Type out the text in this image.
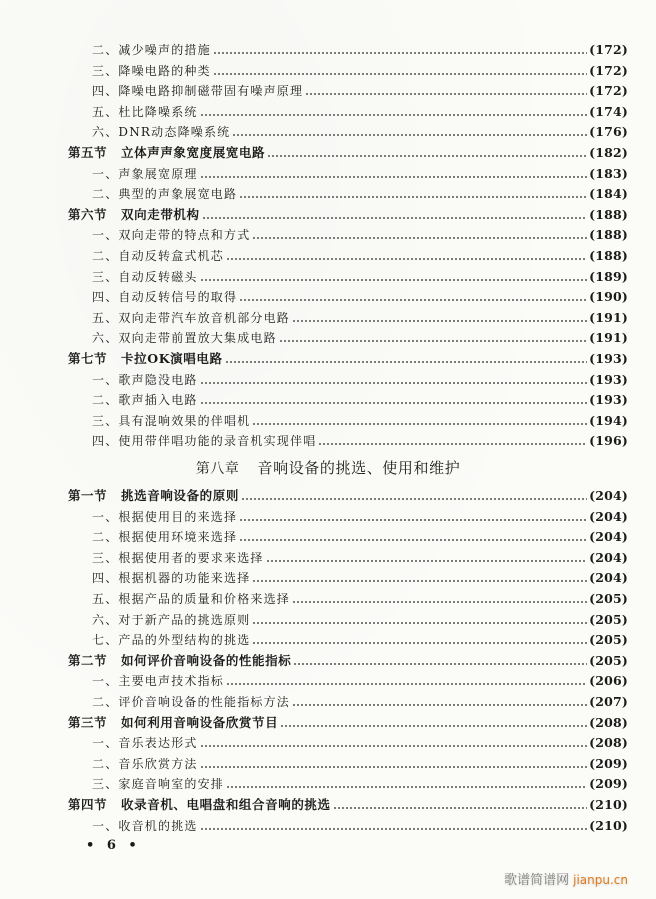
二、减少噪声的措施	(172)
三、降噪电路的种类	(172)
四、降噪电路抑制磁带固有噪声原理	(172)
五、杜比降噪系统	(174)
六、DNR动态降噪系统	(176)
第五节 立体声声象宽度展宽电路	(182)
一、声象展宽原理	(183)
二、典型的声象展宽电路	(184)
第六节 双向走带机构	(188)
一、双向走带的特点和方式	(188)
二、自动反转盒式机芯	(188)
三、自动反转磁头	(189)
四、自动反转信号的取得	(190)
五、双向走带汽车放音机部分电路	(191)
六、双向走带前置放大集成电路	(191)
第七节 卡拉OK演唱电路	(193)
一、歌声隐没电路	(193)
二、歌声插入电路	(193)
三、具有混响效果的伴唱机	(194)
四、使用带伴唱功能的录音机实现伴唱	(196)
第一节 挑选音响设备的原则	(204)
一、根据使用目的来选择	(204)
二、根据使用环境来选择	(204)
三、根据使用者的要求来选择	(204)
四、根据机器的功能来选择	(204)
五、根据产品的质量和价格来选择	(205)
六、对于新产品的挑选原则	(205)
七、产品的外型结构的挑选	(205)
第二节 如何评价音响设备的性能指标	(205)
一、主要电声技术指标	(206)
二、评价音响设备的性能指标方法	(207)
第三节 如何利用音响设备欣赏节目	(208)
一、音乐表达形式	(208)
二、音乐欣赏方法	(209)
三、家庭音响室的安排	(209)
第四节 收录音机、电唱盘和组合音响的挑选	(210)
一、收音机的挑选	(210)
第八章 音响设备的挑选、使用和维护
• 6 •
歌谱简谱网 jianpu.cn
